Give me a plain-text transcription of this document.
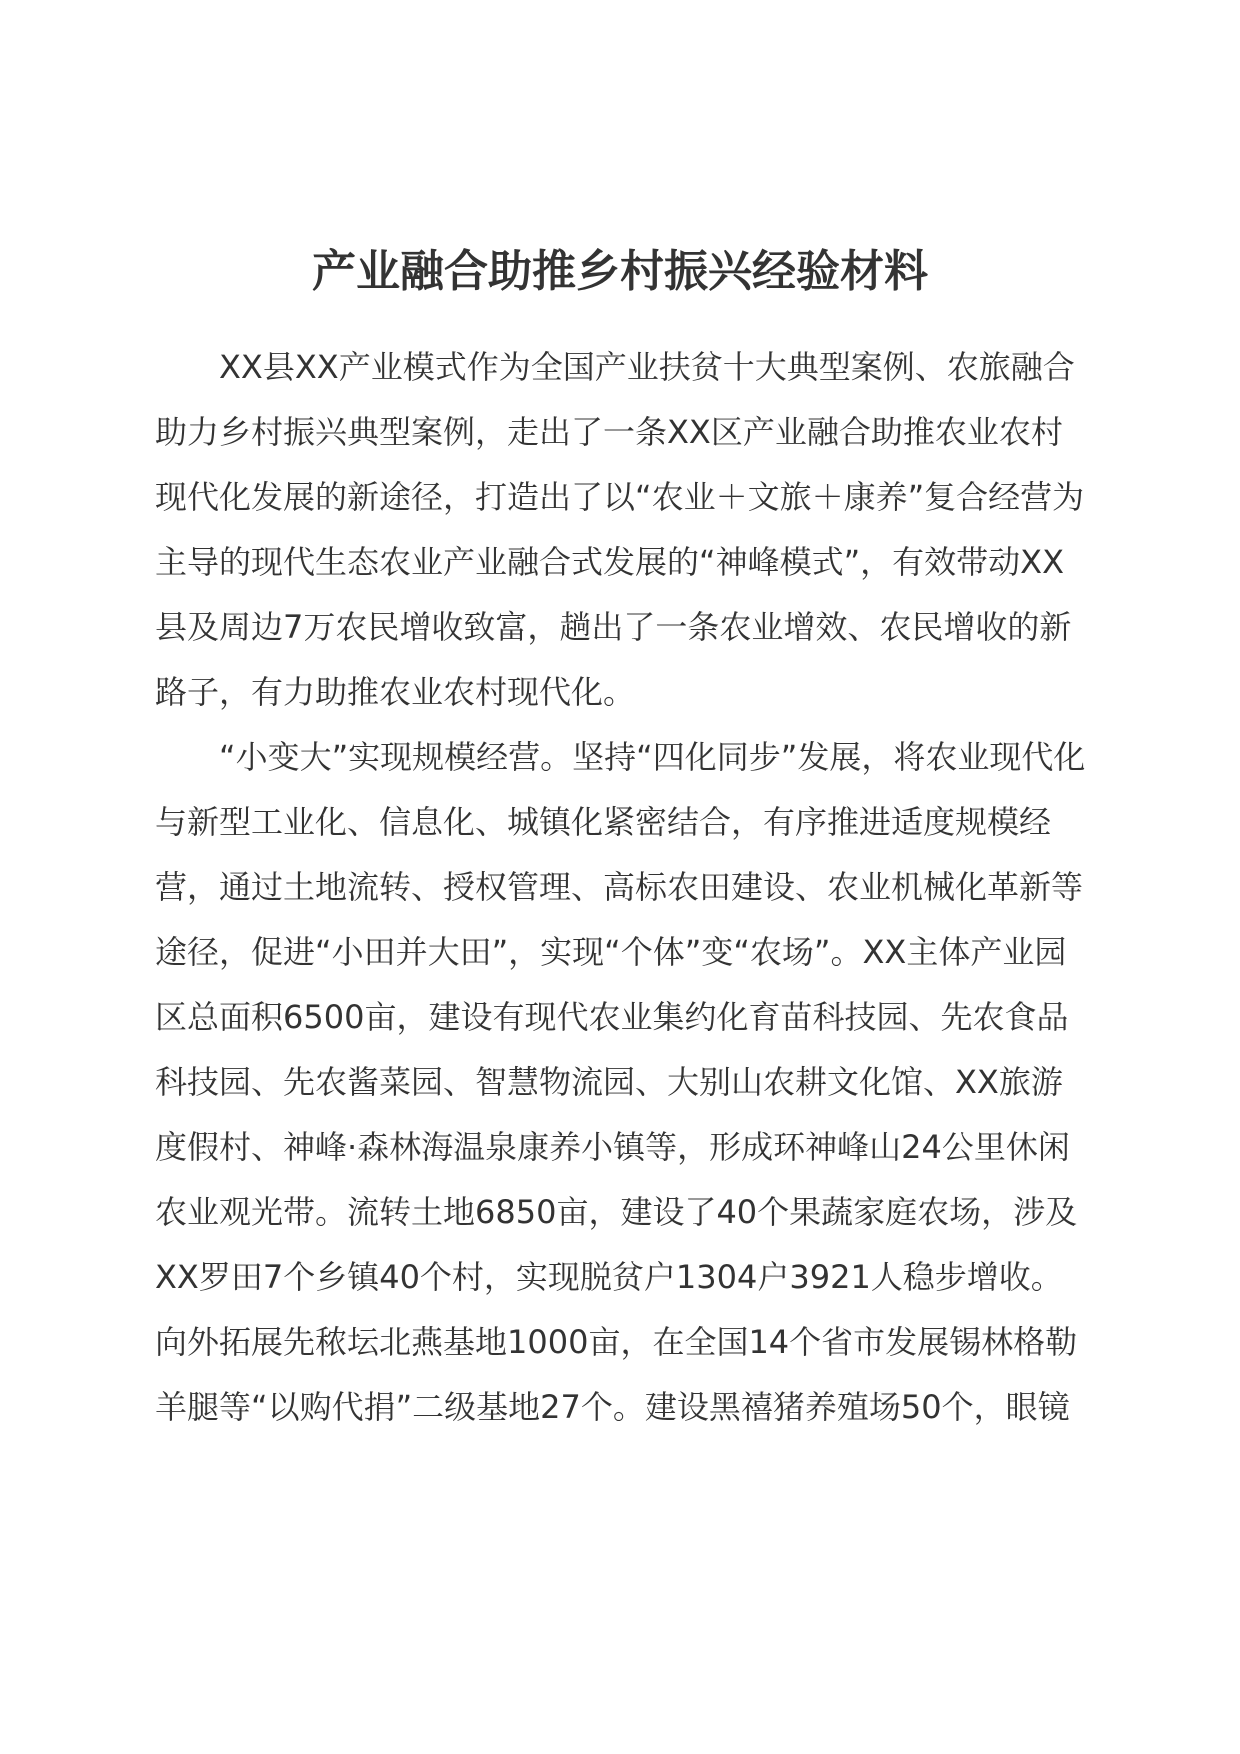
产业融合助推乡村振兴经验材料

XX县XX产业模式作为全国产业扶贫十大典型案例、农旅融合助力乡村振兴典型案例，走出了一条XX区产业融合助推农业农村现代化发展的新途径，打造出了以“农业＋文旅＋康养”复合经营为主导的现代生态农业产业融合式发展的“神峰模式”，有效带动XX县及周边7万农民增收致富，趟出了一条农业增效、农民增收的新路子，有力助推农业农村现代化。

“小变大”实现规模经营。坚持“四化同步”发展，将农业现代化与新型工业化、信息化、城镇化紧密结合，有序推进适度规模经营，通过土地流转、授权管理、高标农田建设、农业机械化革新等途径，促进“小田并大田”，实现“个体”变“农场”。XX主体产业园区总面积6500亩，建设有现代农业集约化育苗科技园、先农食品科技园、先农酱菜园、智慧物流园、大别山农耕文化馆、XX旅游度假村、神峰·森林海温泉康养小镇等，形成环神峰山24公里休闲农业观光带。流转土地6850亩，建设了40个果蔬家庭农场，涉及XX罗田7个乡镇40个村，实现脱贫户1304户3921人稳步增收。向外拓展先秾坛北燕基地1000亩，在全国14个省市发展锡林格勒羊腿等“以购代捐”二级基地27个。建设黑禧猪养殖场50个，眼镜
